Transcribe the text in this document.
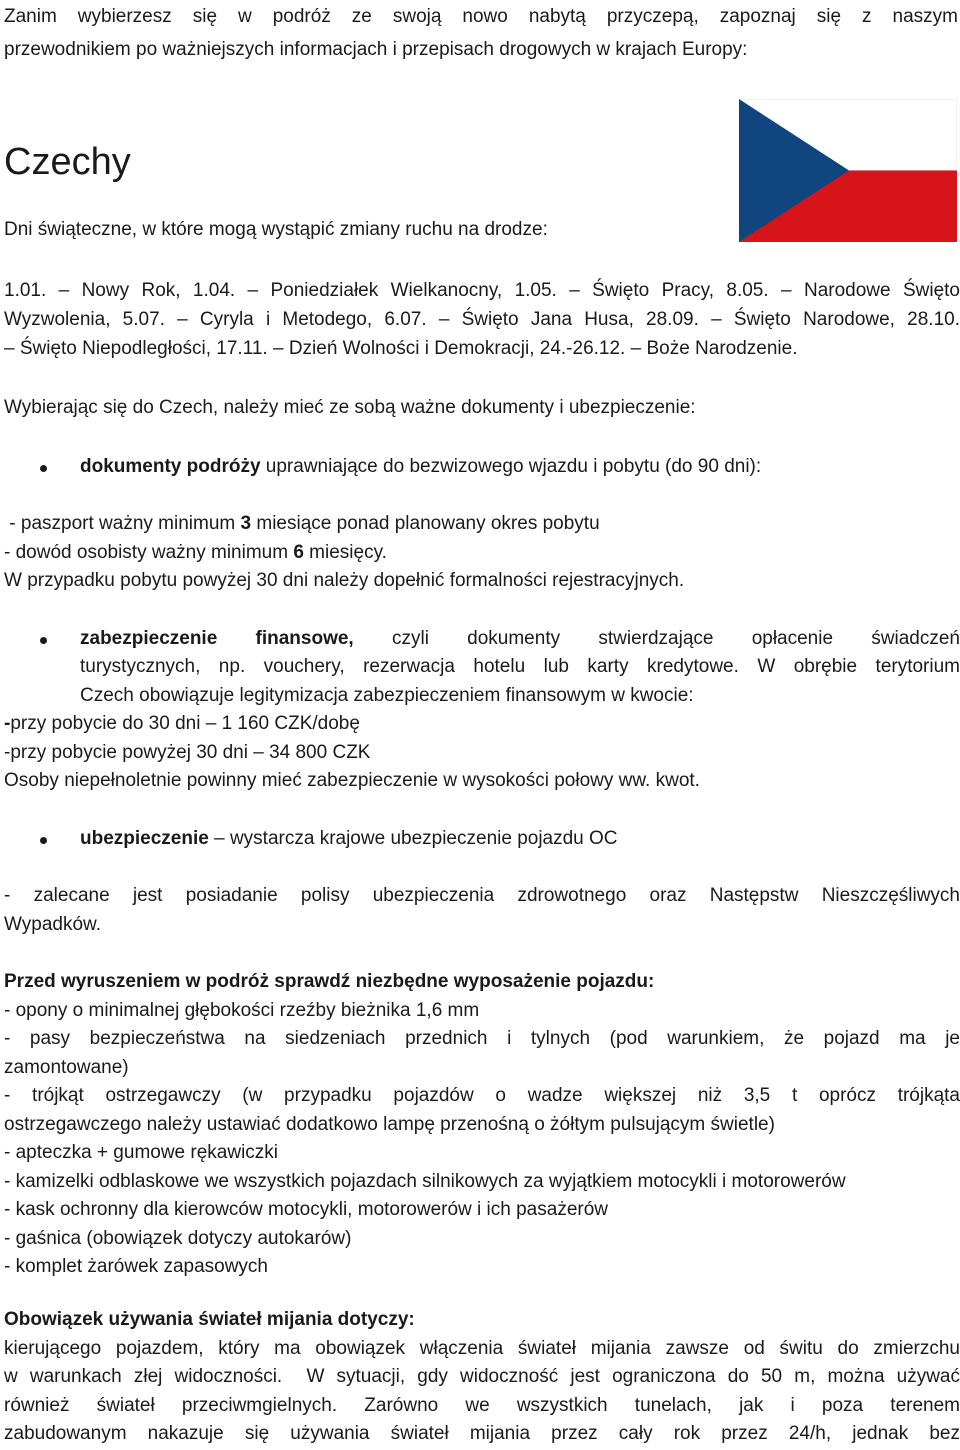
Zanim wybierzesz się w podróż ze swoją nowo nabytą przyczepą, zapoznaj się z naszym
przewodnikiem po ważniejszych informacjach i przepisach drogowych w krajach Europy:
Czechy
Dni świąteczne, w które mogą wystąpić zmiany ruchu na drodze:
1.01. – Nowy Rok, 1.04. – Poniedziałek Wielkanocny, 1.05. – Święto Pracy, 8.05. – Narodowe Święto
Wyzwolenia, 5.07. – Cyryla i Metodego, 6.07. – Święto Jana Husa, 28.09. – Święto Narodowe, 28.10.
– Święto Niepodległości, 17.11. – Dzień Wolności i Demokracji, 24.-26.12. – Boże Narodzenie.
Wybierając się do Czech, należy mieć ze sobą ważne dokumenty i ubezpieczenie:
dokumenty podróży uprawniające do bezwizowego wjazdu i pobytu (do 90 dni):
- paszport ważny minimum 3 miesiące ponad planowany okres pobytu
- dowód osobisty ważny minimum 6 miesięcy.
W przypadku pobytu powyżej 30 dni należy dopełnić formalności rejestracyjnych.
zabezpieczenie finansowe, czyli dokumenty stwierdzające opłacenie świadczeń
turystycznych, np. vouchery, rezerwacja hotelu lub karty kredytowe. W obrębie terytorium
Czech obowiązuje legitymizacja zabezpieczeniem finansowym w kwocie:
-przy pobycie do 30 dni – 1 160 CZK/dobę
-przy pobycie powyżej 30 dni – 34 800 CZK
Osoby niepełnoletnie powinny mieć zabezpieczenie w wysokości połowy ww. kwot.
ubezpieczenie – wystarcza krajowe ubezpieczenie pojazdu OC
- zalecane jest posiadanie polisy ubezpieczenia zdrowotnego oraz Następstw Nieszczęśliwych
Wypadków.
Przed wyruszeniem w podróż sprawdź niezbędne wyposażenie pojazdu:
- opony o minimalnej głębokości rzeźby bieżnika 1,6 mm
- pasy bezpieczeństwa na siedzeniach przednich i tylnych (pod warunkiem, że pojazd ma je
zamontowane)
- trójkąt ostrzegawczy (w przypadku pojazdów o wadze większej niż 3,5 t oprócz trójkąta
ostrzegawczego należy ustawiać dodatkowo lampę przenośną o żółtym pulsującym świetle)
- apteczka + gumowe rękawiczki
- kamizelki odblaskowe we wszystkich pojazdach silnikowych za wyjątkiem motocykli i motorowerów
- kask ochronny dla kierowców motocykli, motorowerów i ich pasażerów
- gaśnica (obowiązek dotyczy autokarów)
- komplet żarówek zapasowych
Obowiązek używania świateł mijania dotyczy:
kierującego pojazdem, który ma obowiązek włączenia świateł mijania zawsze od świtu do zmierzchu
w warunkach złej widoczności.  W sytuacji, gdy widoczność jest ograniczona do 50 m, można używać
również świateł przeciwmgielnych. Zarówno we wszystkich tunelach, jak i poza terenem
zabudowanym nakazuje się używania świateł mijania przez cały rok przez 24/h, jednak bez
